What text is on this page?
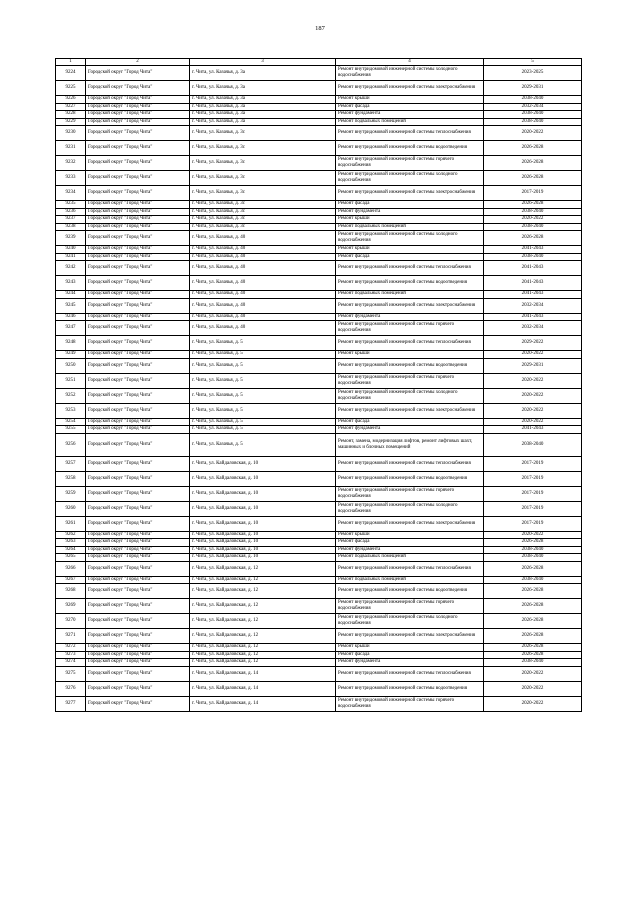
187
1	2	3	4	5
9224	Городской округ "Город Чита"	г. Чита, ул. Казачья, д. 3а	Ремонт внутридомовой инженерной системы холодного водоснабжения	2023-2025
9225	Городской округ "Город Чита"	г. Чита, ул. Казачья, д. 3а	Ремонт внутридомовой инженерной системы электроснабжения	2029-2031
9226	Городской округ "Город Чита"	г. Чита, ул. Казачья, д. 3а	Ремонт крыши	2038-2040
9227	Городской округ "Город Чита"	г. Чита, ул. Казачья, д. 3а	Ремонт фасада	2032-2034
9228	Городской округ "Город Чита"	г. Чита, ул. Казачья, д. 3а	Ремонт фундамента	2038-2040
9229	Городской округ "Город Чита"	г. Чита, ул. Казачья, д. 3а	Ремонт подвальных помещений	2038-2040
9230	Городской округ "Город Чита"	г. Чита, ул. Казачья, д. 3с	Ремонт внутридомовой инженерной системы теплоснабжения	2020-2022
9231	Городской округ "Город Чита"	г. Чита, ул. Казачья, д. 3с	Ремонт внутридомовой инженерной системы водоотведения	2026-2028
9232	Городской округ "Город Чита"	г. Чита, ул. Казачья, д. 3с	Ремонт внутридомовой инженерной системы горячего водоснабжения	2026-2028
9233	Городской округ "Город Чита"	г. Чита, ул. Казачья, д. 3с	Ремонт внутридомовой инженерной системы холодного водоснабжения	2026-2028
9234	Городской округ "Город Чита"	г. Чита, ул. Казачья, д. 3с	Ремонт внутридомовой инженерной системы электроснабжения	2017-2019
9235	Городской округ "Город Чита"	г. Чита, ул. Казачья, д. 3с	Ремонт фасада	2026-2028
9236	Городской округ "Город Чита"	г. Чита, ул. Казачья, д. 3с	Ремонт фундамента	2038-2040
9237	Городской округ "Город Чита"	г. Чита, ул. Казачья, д. 3с	Ремонт крыши	2020-2022
9238	Городской округ "Город Чита"	г. Чита, ул. Казачья, д. 3с	Ремонт подвальных помещений	2038-2040
9239	Городской округ "Город Чита"	г. Чита, ул. Казачья, д. 40	Ремонт внутридомовой инженерной системы холодного водоснабжения	2026-2028
9240	Городской округ "Город Чита"	г. Чита, ул. Казачья, д. 40	Ремонт крыши	2041-2043
9241	Городской округ "Город Чита"	г. Чита, ул. Казачья, д. 40	Ремонт фасада	2038-2040
9242	Городской округ "Город Чита"	г. Чита, ул. Казачья, д. 40	Ремонт внутридомовой инженерной системы теплоснабжения	2041-2043
9243	Городской округ "Город Чита"	г. Чита, ул. Казачья, д. 40	Ремонт внутридомовой инженерной системы водоотведения	2041-2043
9244	Городской округ "Город Чита"	г. Чита, ул. Казачья, д. 40	Ремонт подвальных помещений	2041-2043
9245	Городской округ "Город Чита"	г. Чита, ул. Казачья, д. 40	Ремонт внутридомовой инженерной системы электроснабжения	2032-2034
9246	Городской округ "Город Чита"	г. Чита, ул. Казачья, д. 40	Ремонт фундамента	2041-2043
9247	Городской округ "Город Чита"	г. Чита, ул. Казачья, д. 40	Ремонт внутридомовой инженерной системы горячего водоснабжения	2032-2034
9248	Городской округ "Город Чита"	г. Чита, ул. Казачья, д. 5	Ремонт внутридомовой инженерной системы теплоснабжения	2029-2022
9249	Городской округ "Город Чита"	г. Чита, ул. Казачья, д. 5	Ремонт крыши	2020-2022
9250	Городской округ "Город Чита"	г. Чита, ул. Казачья, д. 5	Ремонт внутридомовой инженерной системы водоотведения	2029-2031
9251	Городской округ "Город Чита"	г. Чита, ул. Казачья, д. 5	Ремонт внутридомовой инженерной системы горячего водоснабжения	2020-2022
9252	Городской округ "Город Чита"	г. Чита, ул. Казачья, д. 5	Ремонт внутридомовой инженерной системы холодного водоснабжения	2020-2022
9253	Городской округ "Город Чита"	г. Чита, ул. Казачья, д. 5	Ремонт внутридомовой инженерной системы электроснабжения	2020-2022
9254	Городской округ "Город Чита"	г. Чита, ул. Казачья, д. 5	Ремонт фасада	2020-2022
9255	Городской округ "Город Чита"	г. Чита, ул. Казачья, д. 5	Ремонт фундамента	2041-2043
9256	Городской округ "Город Чита"	г. Чита, ул. Казачья, д. 5	Ремонт, замена, модернизация лифтов, ремонт лифтовых шахт, машинных и блочных помещений	2038-2040
9257	Городской округ "Город Чита"	г. Чита, ул. Кайдаловская, д. 10	Ремонт внутридомовой инженерной системы теплоснабжения	2017-2019
9258	Городской округ "Город Чита"	г. Чита, ул. Кайдаловская, д. 10	Ремонт внутридомовой инженерной системы водоотведения	2017-2019
9259	Городской округ "Город Чита"	г. Чита, ул. Кайдаловская, д. 10	Ремонт внутридомовой инженерной системы горячего водоснабжения	2017-2019
9260	Городской округ "Город Чита"	г. Чита, ул. Кайдаловская, д. 10	Ремонт внутридомовой инженерной системы холодного водоснабжения	2017-2019
9261	Городской округ "Город Чита"	г. Чита, ул. Кайдаловская, д. 10	Ремонт внутридомовой инженерной системы электроснабжения	2017-2019
9262	Городской округ "Город Чита"	г. Чита, ул. Кайдаловская, д. 10	Ремонт крыши	2020-2022
9263	Городской округ "Город Чита"	г. Чита, ул. Кайдаловская, д. 10	Ремонт фасада	2026-2028
9264	Городской округ "Город Чита"	г. Чита, ул. Кайдаловская, д. 10	Ремонт фундамента	2038-2040
9265	Городской округ "Город Чита"	г. Чита, ул. Кайдаловская, д. 10	Ремонт подвальных помещений	2038-2040
9266	Городской округ "Город Чита"	г. Чита, ул. Кайдаловская, д. 12	Ремонт внутридомовой инженерной системы теплоснабжения	2026-2028
9267	Городской округ "Город Чита"	г. Чита, ул. Кайдаловская, д. 12	Ремонт подвальных помещений	2038-2040
9268	Городской округ "Город Чита"	г. Чита, ул. Кайдаловская, д. 12	Ремонт внутридомовой инженерной системы водоотведения	2026-2028
9269	Городской округ "Город Чита"	г. Чита, ул. Кайдаловская, д. 12	Ремонт внутридомовой инженерной системы горячего водоснабжения	2026-2028
9270	Городской округ "Город Чита"	г. Чита, ул. Кайдаловская, д. 12	Ремонт внутридомовой инженерной системы холодного водоснабжения	2026-2028
9271	Городской округ "Город Чита"	г. Чита, ул. Кайдаловская, д. 12	Ремонт внутридомовой инженерной системы электроснабжения	2026-2028
9272	Городской округ "Город Чита"	г. Чита, ул. Кайдаловская, д. 12	Ремонт крыши	2026-2028
9273	Городской округ "Город Чита"	г. Чита, ул. Кайдаловская, д. 12	Ремонт фасада	2026-2028
9274	Городской округ "Город Чита"	г. Чита, ул. Кайдаловская, д. 12	Ремонт фундамента	2038-2040
9275	Городской округ "Город Чита"	г. Чита, ул. Кайдаловская, д. 14	Ремонт внутридомовой инженерной системы теплоснабжения	2020-2022
9276	Городской округ "Город Чита"	г. Чита, ул. Кайдаловская, д. 14	Ремонт внутридомовой инженерной системы водоотведения	2020-2022
9277	Городской округ "Город Чита"	г. Чита, ул. Кайдаловская, д. 14	Ремонт внутридомовой инженерной системы горячего водоснабжения	2020-2022
